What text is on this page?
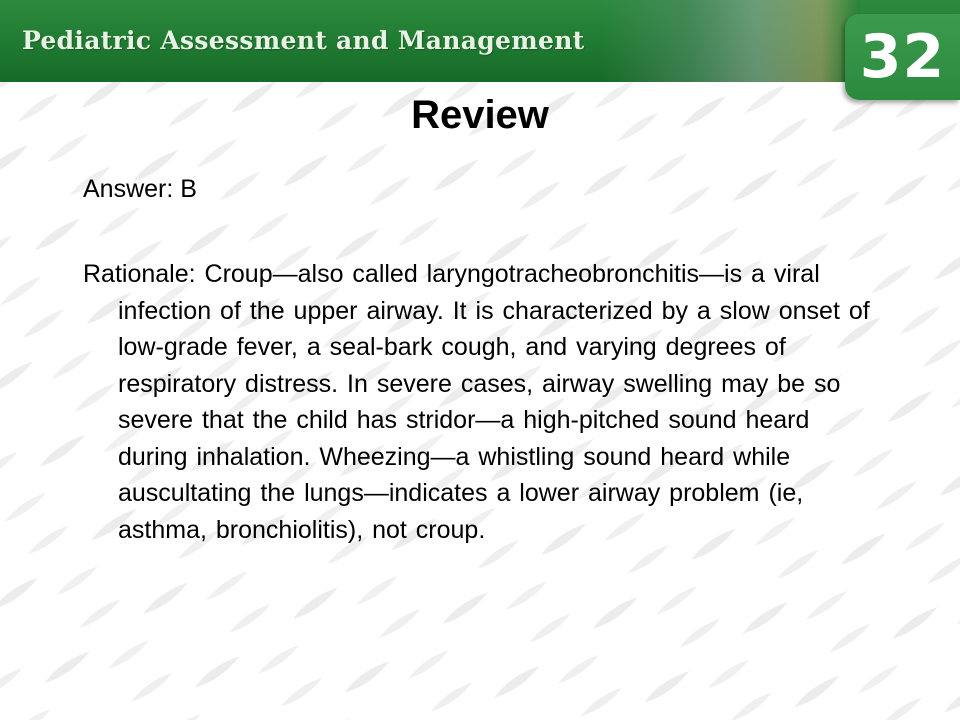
Pediatric Assessment and Management	32
Review

Answer: B

Rationale: Croup—also called laryngotracheobronchitis—is a viral infection of the upper airway. It is characterized by a slow onset of low-grade fever, a seal-bark cough, and varying degrees of respiratory distress. In severe cases, airway swelling may be so severe that the child has stridor—a high-pitched sound heard during inhalation. Wheezing—a whistling sound heard while auscultating the lungs—indicates a lower airway problem (ie, asthma, bronchiolitis), not croup.
